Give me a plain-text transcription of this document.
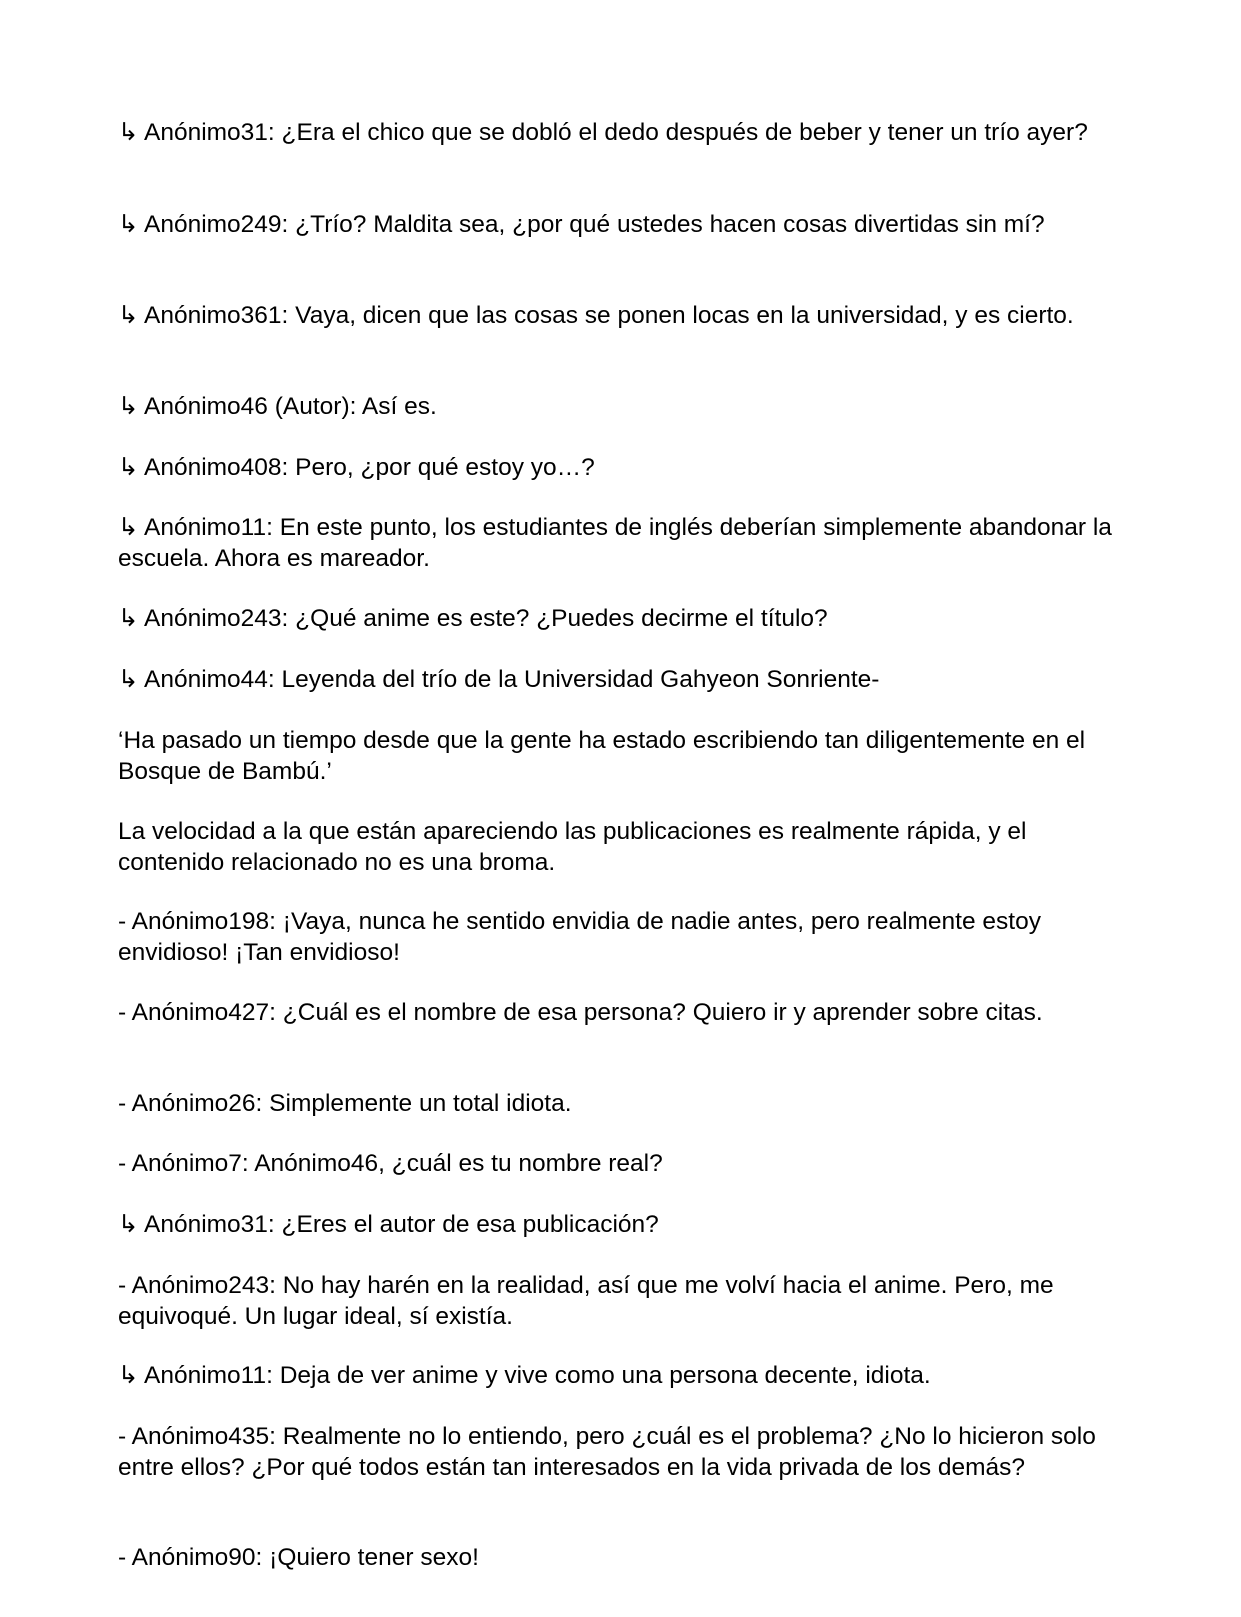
↳ Anónimo31: ¿Era el chico que se dobló el dedo después de beber y tener un trío ayer?

↳ Anónimo249: ¿Trío? Maldita sea, ¿por qué ustedes hacen cosas divertidas sin mí?

↳ Anónimo361: Vaya, dicen que las cosas se ponen locas en la universidad, y es cierto.

↳ Anónimo46 (Autor): Así es.

↳ Anónimo408: Pero, ¿por qué estoy yo…?

↳ Anónimo11: En este punto, los estudiantes de inglés deberían simplemente abandonar la escuela. Ahora es mareador.

↳ Anónimo243: ¿Qué anime es este? ¿Puedes decirme el título?

↳ Anónimo44: Leyenda del trío de la Universidad Gahyeon Sonriente-

‘Ha pasado un tiempo desde que la gente ha estado escribiendo tan diligentemente en el Bosque de Bambú.’

La velocidad a la que están apareciendo las publicaciones es realmente rápida, y el contenido relacionado no es una broma.

- Anónimo198: ¡Vaya, nunca he sentido envidia de nadie antes, pero realmente estoy envidioso! ¡Tan envidioso!

- Anónimo427: ¿Cuál es el nombre de esa persona? Quiero ir y aprender sobre citas.

- Anónimo26: Simplemente un total idiota.

- Anónimo7: Anónimo46, ¿cuál es tu nombre real?

↳ Anónimo31: ¿Eres el autor de esa publicación?

- Anónimo243: No hay harén en la realidad, así que me volví hacia el anime. Pero, me equivoqué. Un lugar ideal, sí existía.

↳ Anónimo11: Deja de ver anime y vive como una persona decente, idiota.

- Anónimo435: Realmente no lo entiendo, pero ¿cuál es el problema? ¿No lo hicieron solo entre ellos? ¿Por qué todos están tan interesados en la vida privada de los demás?

- Anónimo90: ¡Quiero tener sexo!
